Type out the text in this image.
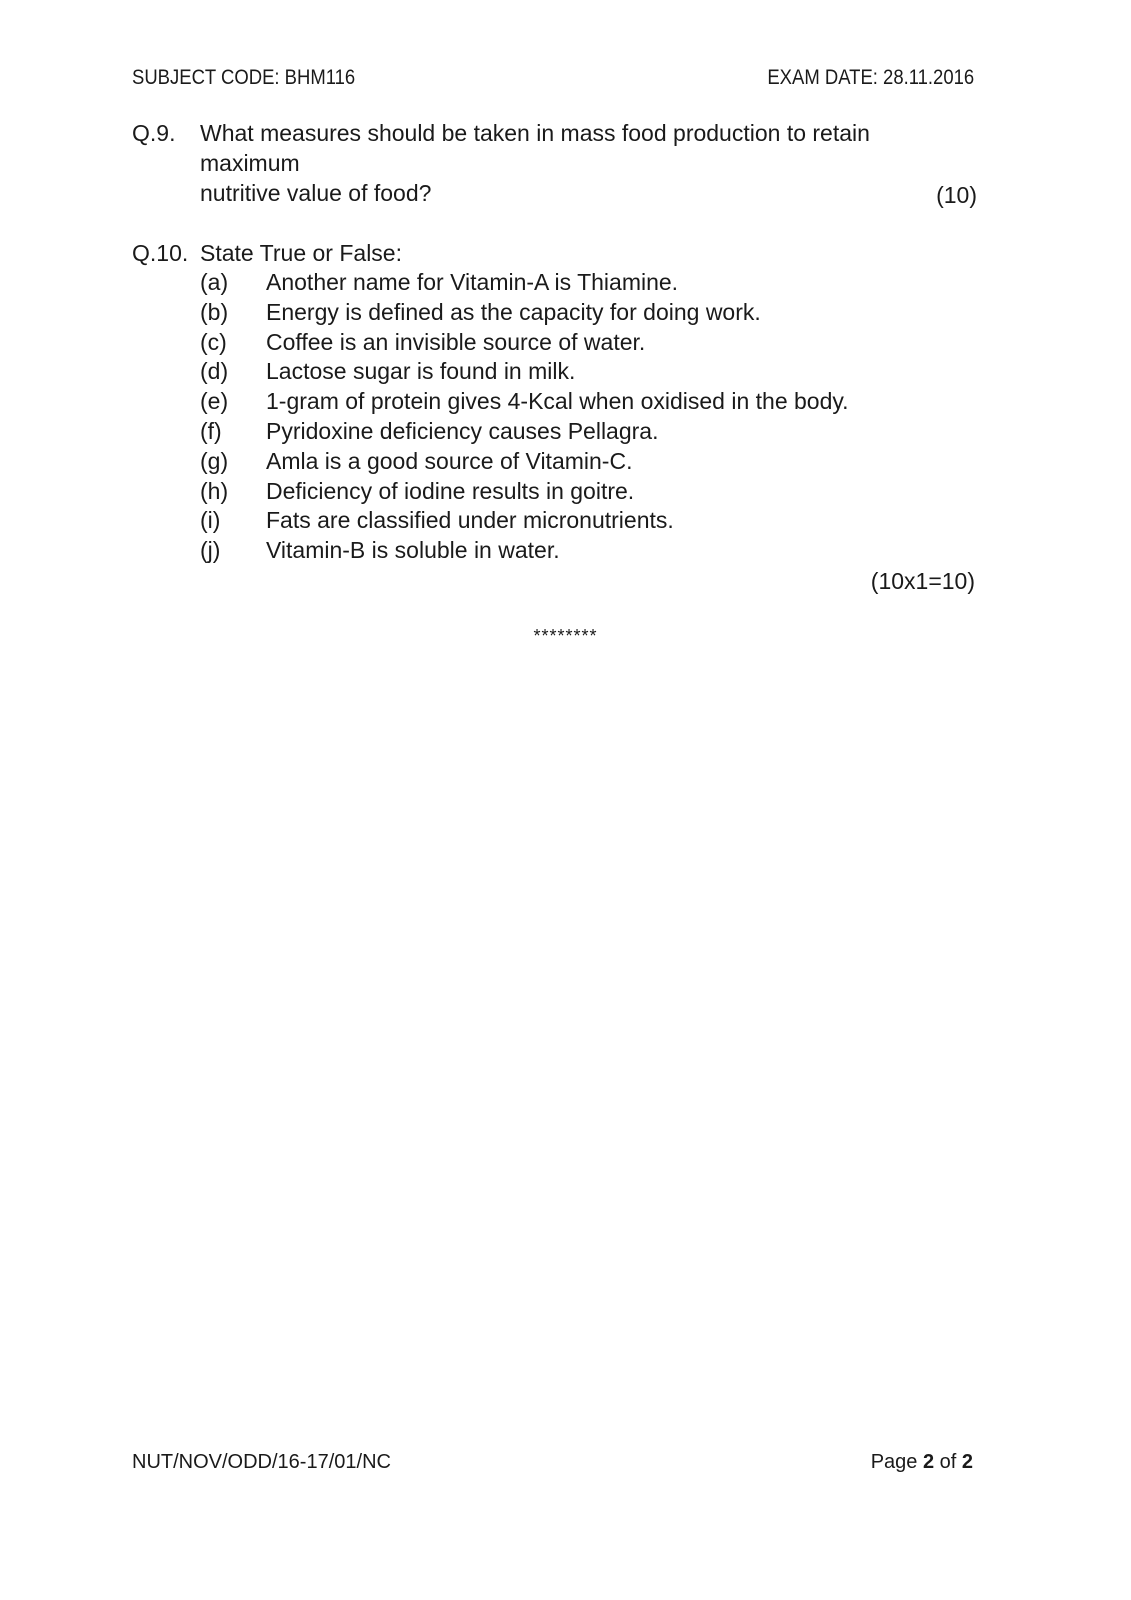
SUBJECT CODE: BHM116	EXAM DATE: 28.11.2016
Q.9. What measures should be taken in mass food production to retain maximum
nutritive value of food?	(10)
Q.10. State True or False:
(a) Another name for Vitamin-A is Thiamine.
(b) Energy is defined as the capacity for doing work.
(c) Coffee is an invisible source of water.
(d) Lactose sugar is found in milk.
(e) 1-gram of protein gives 4-Kcal when oxidised in the body.
(f) Pyridoxine deficiency causes Pellagra.
(g) Amla is a good source of Vitamin-C.
(h) Deficiency of iodine results in goitre.
(i) Fats are classified under micronutrients.
(j) Vitamin-B is soluble in water.
(10x1=10)
********
NUT/NOV/ODD/16-17/01/NC	Page 2 of 2
